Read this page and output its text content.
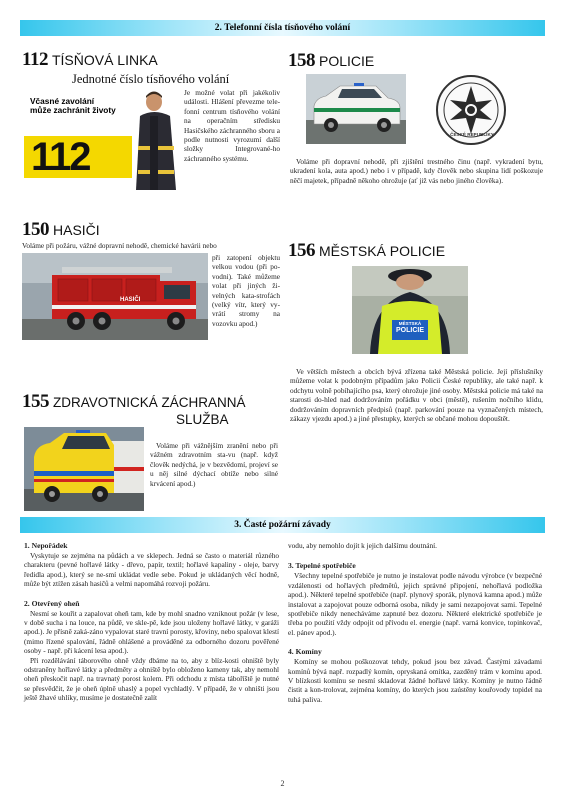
2. Telefonní čísla tísňového volání
112 TÍSŇOVÁ LINKA
Jednotné číslo tísňového volání
Včasné zavolání
může zachránit životy
112
Je možné volat při jakékoliv události. Hlášení převezme tele-fonní centrum tísňového volání na operačním středisku Hasičského záchranného sboru a podle nutnosti vyrozumí další složky Integrované-ho záchranného systému.
158 POLICIE
ČESKÉ REPUBLIKY

Voláme při dopravní nehodě, při zjištění trestného činu (např. vykradení bytu, ukradení kola, auta apod.) nebo i v případě, kdy člověk nebo skupina lidí poškozuje něčí majetek, případně někoho ohrožuje (ať již vás nebo jiného člověka).

150 HASIČI
Voláme při požáru, vážné dopravní nehodě, chemické havárii nebo
HASIČI
při zatopení objektu velkou vodou (při po-vodni). Také můžeme volat při jiných ži-velných kata-strofách (velký vítr, který vy-vrátí stromy na vozovku apod.)
156 MĚSTSKÁ POLICIE
MĚSTSKÁ
POLICIE

Ve větších městech a obcích bývá zřízena také Městská policie. Její příslušníky můžeme volat k podobným případům jako Policii České republiky, ale také např. k odchytu volně pobíhajícího psa, který ohrožuje jiné osoby. Městská policie má také na starosti do-hled nad dodržováním pořádku v obci (městě), rušením nočního klidu, dodržováním dopravních předpisů (např. parkování pouze na vyznačených místech, zákazy vjezdu apod.) a jiné přestupky, kterých se občané mohou dopouštět.

155 ZDRAVOTNICKÁ ZÁCHRANNÁ
SLUŽBA

Voláme při vážnějším zranění nebo při vážném zdravotním sta-vu (např. když člověk nedýchá, je v bezvědomí, projeví se u něj silné dýchací obtíže nebo silné krvácení apod.)

3. Časté požární závady
1. Nepořádek

Vyskytuje se zejména na půdách a ve sklepech. Jedná se často o materiál různého charakteru (pevné hořlavé látky - dřevo, papír, textil; hořlavé kapaliny - oleje, barvy ředidla apod.), který se ne-smí ukládat vedle sebe. Pokud je ukládaných věcí hodně, může být ztížen zásah hasičů a velmi napomáhá rozvoji požáru.

2. Otevřený oheň

Nesmí se kouřit a zapalovat oheň tam, kde by mohl snadno vzniknout požár (v lese, v době sucha i na louce, na půdě, ve skle-pě, kde jsou uloženy hořlavé látky, v garáži apod.). Je přísně zaká-záno vypalovat staré travní porosty, křoviny, nebo spalovat klestí (mimo řízené spalování, řádně ohlášené a prováděné za odborného dozoru pověřené osoby - např. při kácení lesa apod.).

Při rozdělávání táborového ohně vždy dbáme na to, aby z blíz-kosti ohniště byly odstraněny hořlavé látky a předměty a ohniště bylo obloženo kameny tak, aby nemohl oheň přeskočit např. na travnatý porost kolem. Při odchodu z místa táboříště je nutné se přesvědčit, že je oheň úplně uhaslý a popel vychladlý. V případě, že v ohništi jsou ještě žhavé uhlíky, musíme je dostatečně zalít

vodu, aby nemohlo dojít k jejich dalšímu doutnání.
3. Tepelné spotřebiče

Všechny tepelné spotřebiče je nutno je instalovat podle návodu výrobce (v bezpečné vzdálenosti od hořlavých předmětů, jejich správné připojení, nehořlavá podložka apod.). Některé tepelné spotřebiče (např. plynový sporák, plynová kamna apod.) může instalovat a zapojovat pouze odborná osoba, nikdy je sami nezapojovat sami. Tepelné spotřebiče nikdy nenecháváme zapnuté bez dozoru. Některé elektrické spotřebiče je třeba po použití vždy odpojit od přívodu el. energie (např. varná konvice, topinkovač, el. pánev apod.).

4. Komíny

Komíny se mohou poškozovat tehdy, pokud jsou bez závad. Častými závadami komínů bývá např. rozpadlý komín, opryskaná omítka, zazděný trám v komínu apod. V blízkosti komínu se nesmí skladovat žádné hořlavé látky. Komíny je nutno řádně čistit a kon-trolovat, zejména komíny, do kterých jsou zaústěny kouřovody topidel na tuhá paliva.

2
